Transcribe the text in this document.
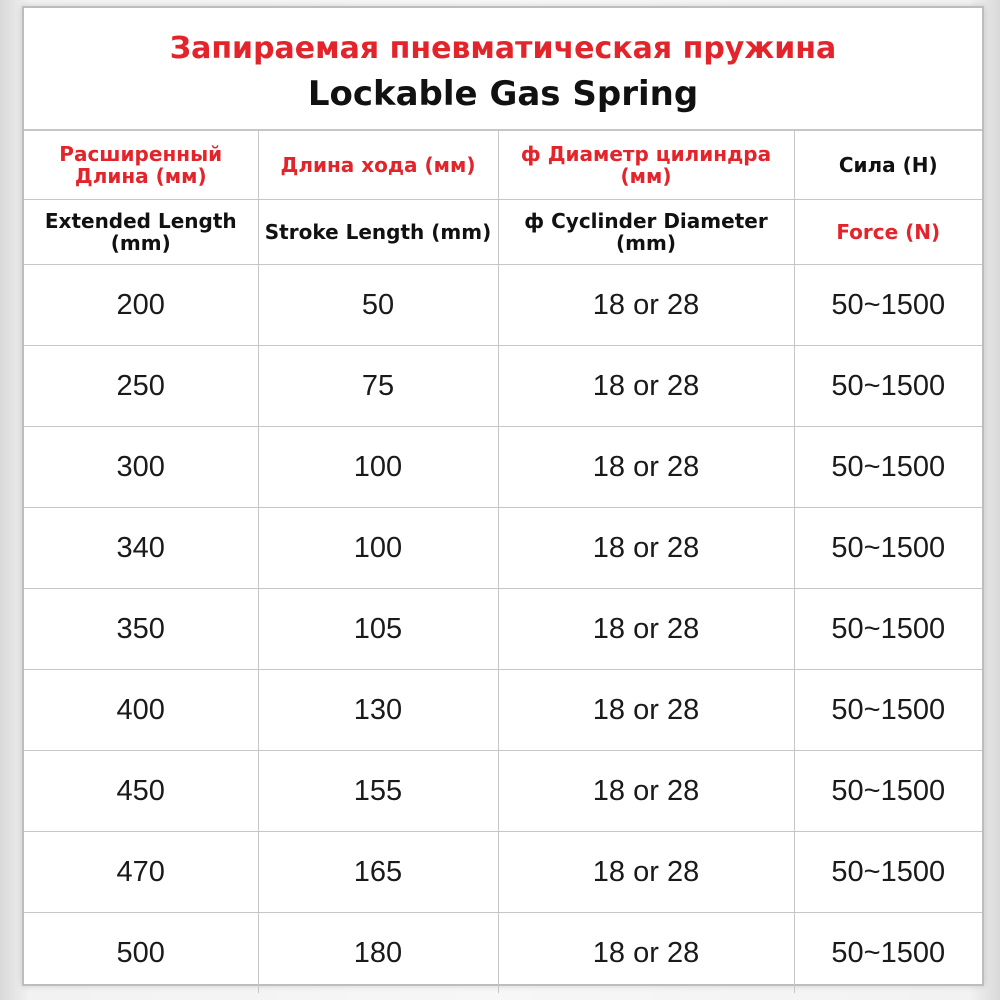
Запираемая пневматическая пружина
Lockable Gas Spring
Расширенный Длина (мм)	Длина хода (мм)	ф Диаметр цилиндра (мм)	Сила (Н)
Extended Length (mm)	Stroke Length (mm)	ф Cyclinder Diameter (mm)	Force (N)
200	50	18 or 28	50~1500
250	75	18 or 28	50~1500
300	100	18 or 28	50~1500
340	100	18 or 28	50~1500
350	105	18 or 28	50~1500
400	130	18 or 28	50~1500
450	155	18 or 28	50~1500
470	165	18 or 28	50~1500
500	180	18 or 28	50~1500
